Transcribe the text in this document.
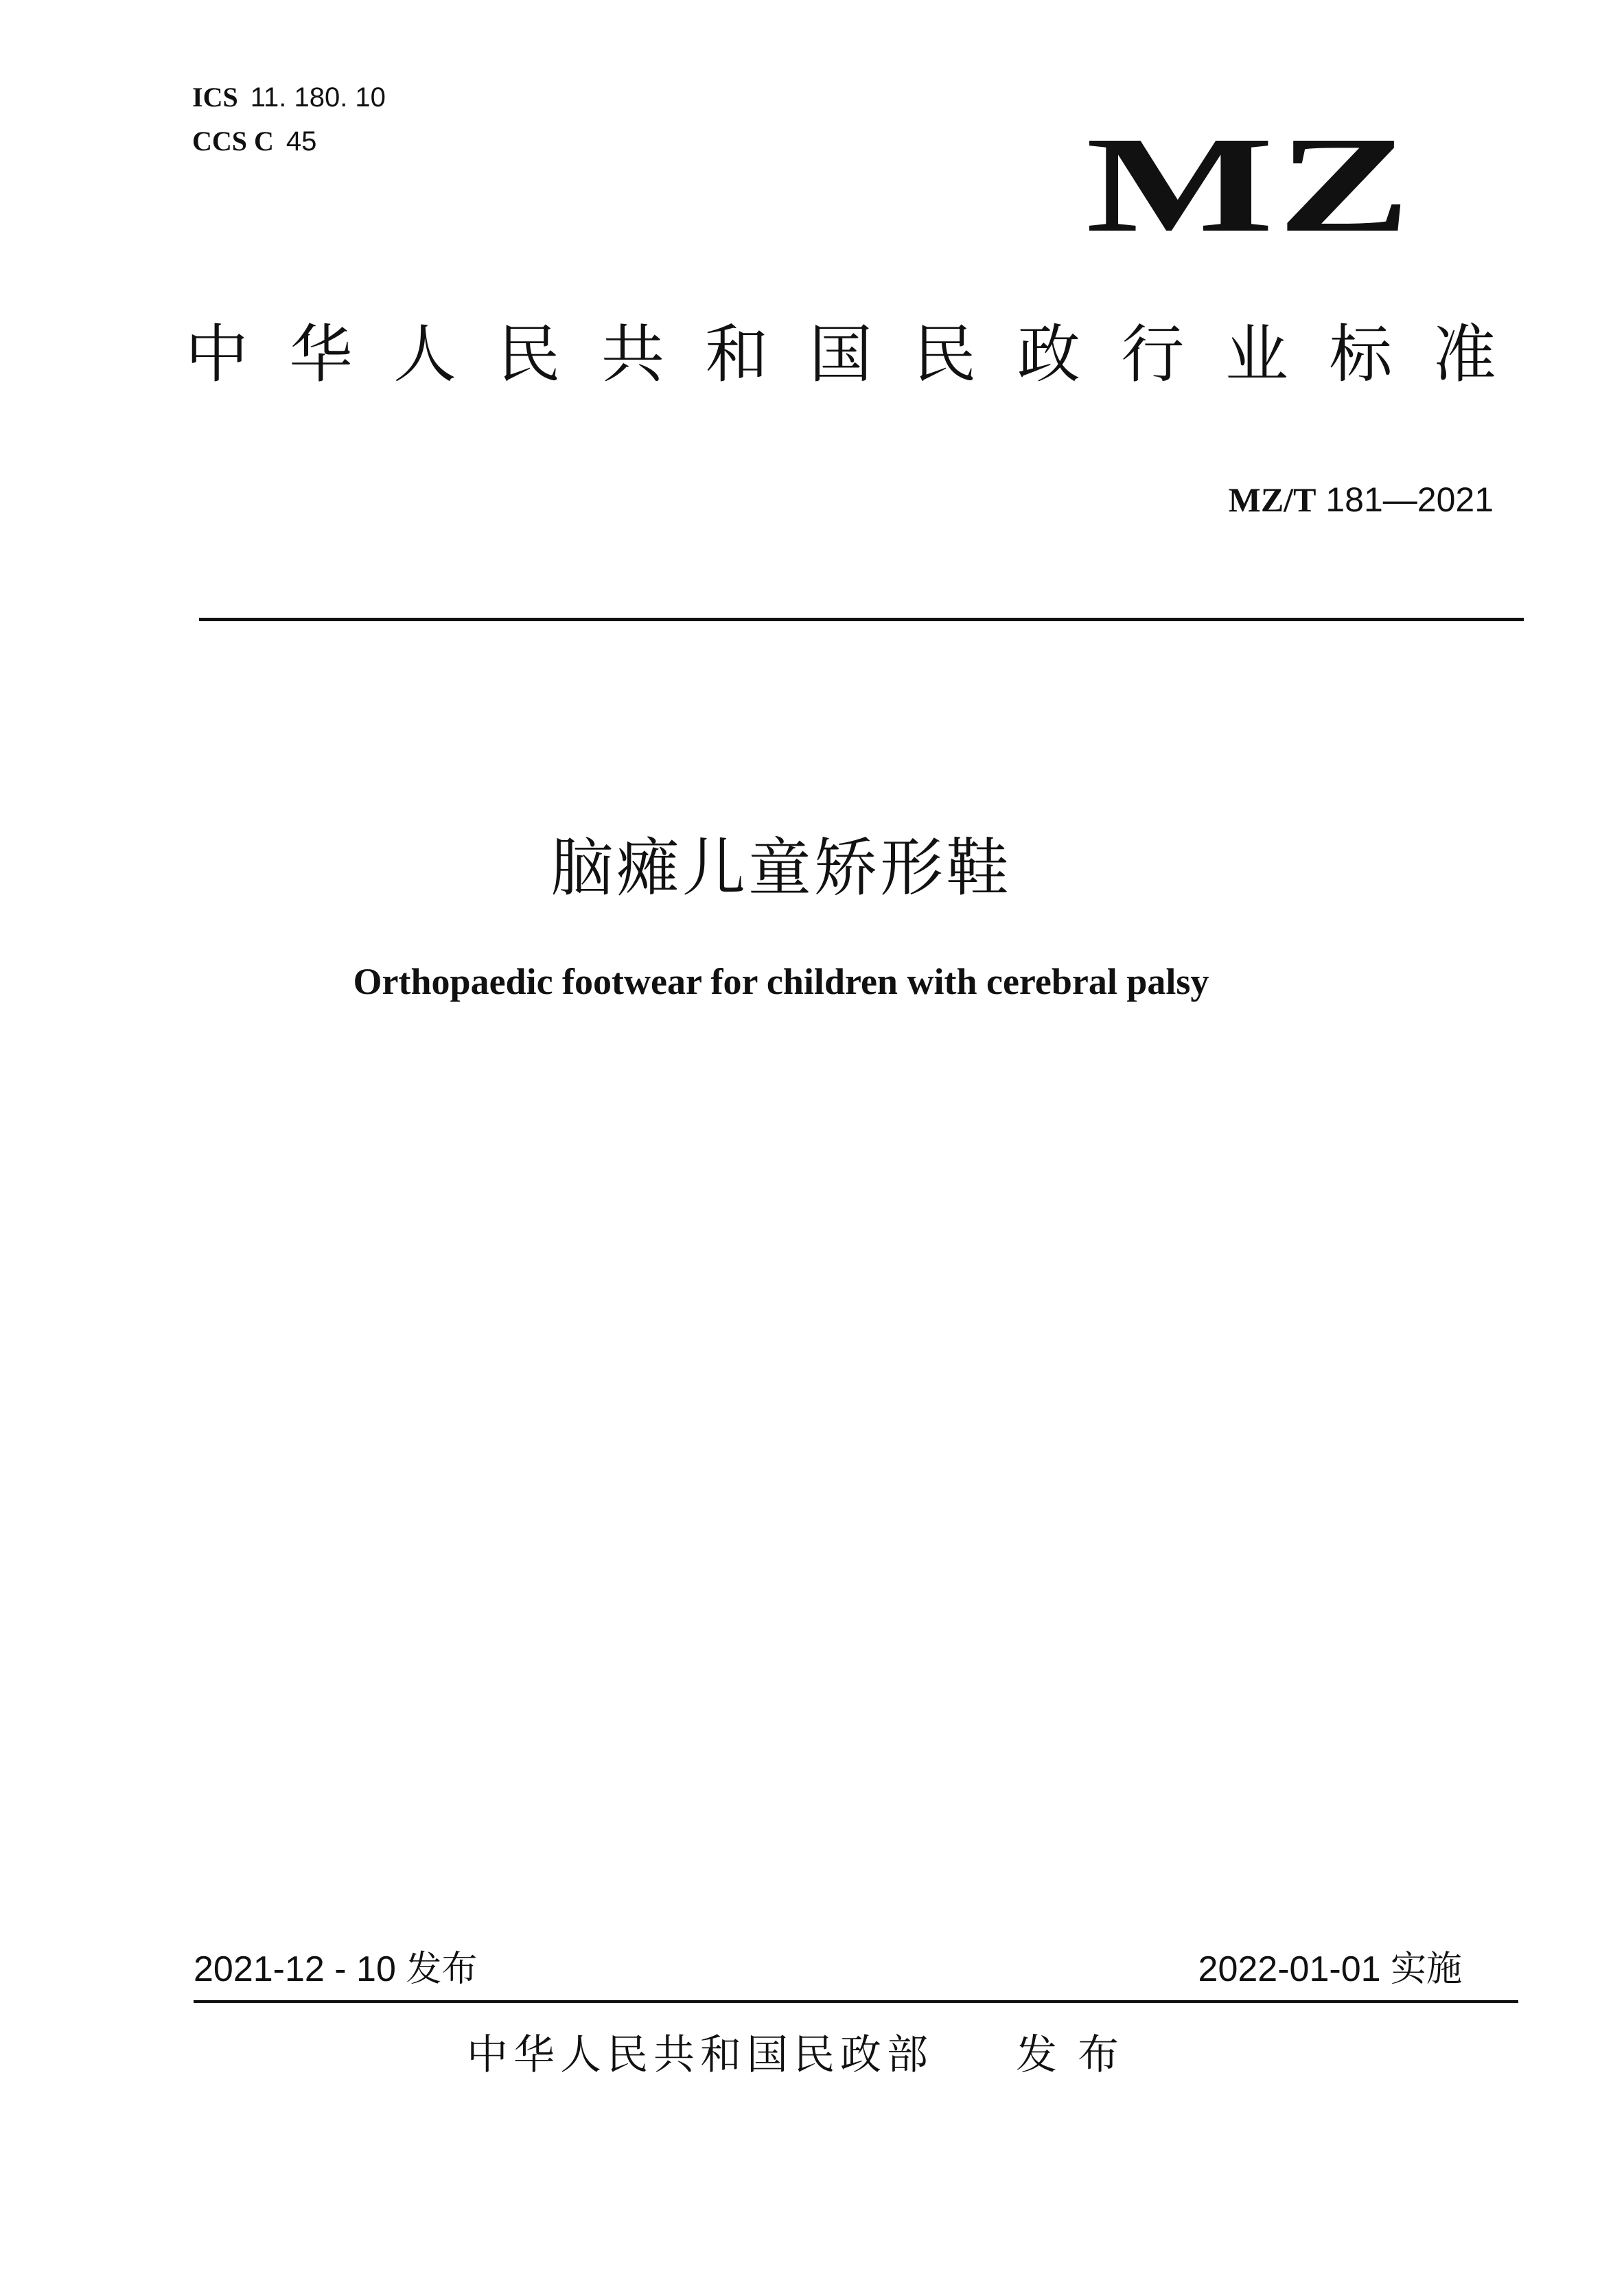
ICS 11. 180. 10
CCS C 45	MZ
中 华 人 民 共 和 国 民 政 行 业 标 准
MZ/T 181—2021
脑瘫儿童矫形鞋
Orthopaedic footwear for children with cerebral palsy
2021-12 - 10 发布	2022-01-01 实施
中华人民共和国民政部 发布
